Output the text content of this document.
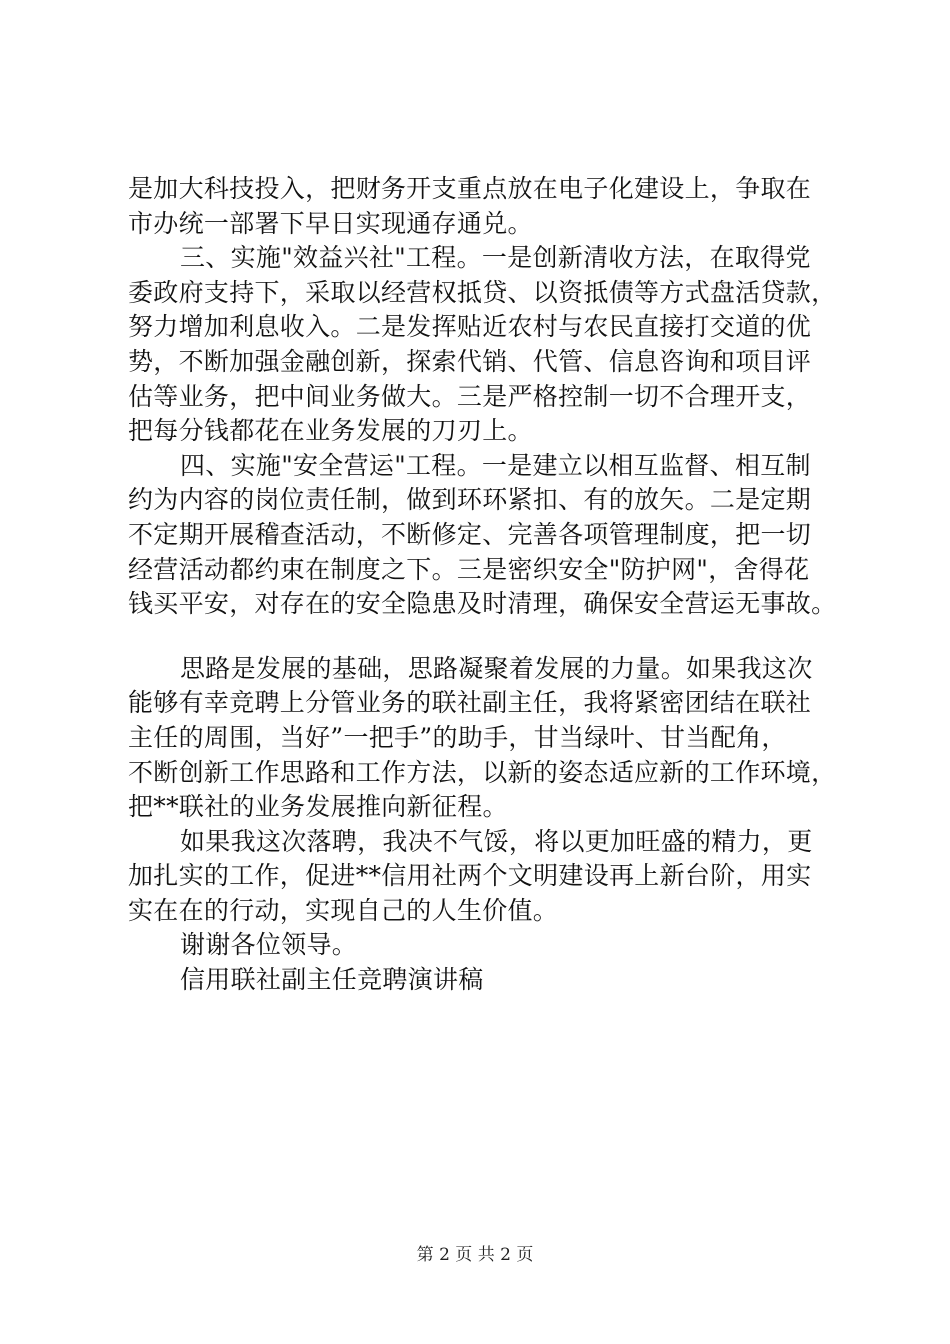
是加大科技投入，把财务开支重点放在电子化建设上，争取在
市办统一部署下早日实现通存通兑。
三、实施"效益兴社"工程。一是创新清收方法，在取得党
委政府支持下，采取以经营权抵贷、以资抵债等方式盘活贷款，
努力增加利息收入。二是发挥贴近农村与农民直接打交道的优
势，不断加强金融创新，探索代销、代管、信息咨询和项目评
估等业务，把中间业务做大。三是严格控制一切不合理开支，
把每分钱都花在业务发展的刀刃上。
四、实施"安全营运"工程。一是建立以相互监督、相互制
约为内容的岗位责任制，做到环环紧扣、有的放矢。二是定期
不定期开展稽查活动，不断修定、完善各项管理制度，把一切
经营活动都约束在制度之下。三是密织安全"防护网"，舍得花
钱买平安，对存在的安全隐患及时清理，确保安全营运无事故。
思路是发展的基础，思路凝聚着发展的力量。如果我这次
能够有幸竞聘上分管业务的联社副主任，我将紧密团结在联社
主任的周围，当好”一把手”的助手，甘当绿叶、甘当配角，
不断创新工作思路和工作方法，以新的姿态适应新的工作环境，
把**联社的业务发展推向新征程。
如果我这次落聘，我决不气馁，将以更加旺盛的精力，更
加扎实的工作，促进**信用社两个文明建设再上新台阶，用实
实在在的行动，实现自己的人生价值。
谢谢各位领导。
信用联社副主任竞聘演讲稿
第 2 页 共 2 页
